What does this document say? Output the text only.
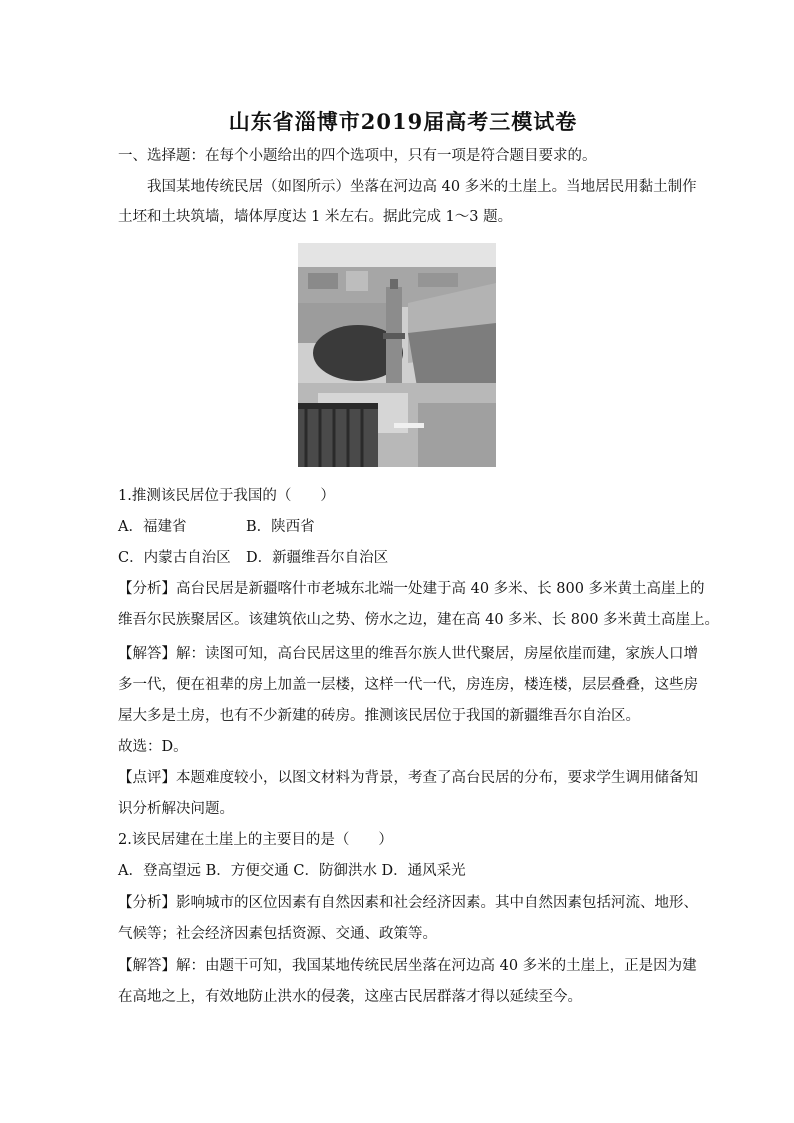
山东省淄博市2019届高考三模试卷
一、选择题：在每个小题给出的四个选项中，只有一项是符合题目要求的。
我国某地传统民居（如图所示）坐落在河边高 40 多米的土崖上。当地居民用黏土制作
土坯和土块筑墙，墙体厚度达 1 米左右。据此完成 1～3 题。
1.推测该民居位于我国的（　　）
A．福建省	B．陕西省
C．内蒙古自治区 D．新疆维吾尔自治区
【分析】高台民居是新疆喀什市老城东北端一处建于高 40 多米、长 800 多米黄土高崖上的
维吾尔民族聚居区。该建筑依山之势、傍水之边，建在高 40 多米、长 800 多米黄土高崖上。
【解答】解：读图可知，高台民居这里的维吾尔族人世代聚居，房屋依崖而建，家族人口增
多一代，便在祖辈的房上加盖一层楼，这样一代一代，房连房，楼连楼，层层叠叠，这些房
屋大多是土房，也有不少新建的砖房。推测该民居位于我国的新疆维吾尔自治区。
故选：D。
【点评】本题难度较小，以图文材料为背景，考查了高台民居的分布，要求学生调用储备知
识分析解决问题。
2.该民居建在土崖上的主要目的是（　　）
A．登高望远 B．方便交通 C．防御洪水 D．通风采光
【分析】影响城市的区位因素有自然因素和社会经济因素。其中自然因素包括河流、地形、
气候等；社会经济因素包括资源、交通、政策等。
【解答】解：由题干可知，我国某地传统民居坐落在河边高 40 多米的土崖上，正是因为建
在高地之上，有效地防止洪水的侵袭，这座古民居群落才得以延续至今。
